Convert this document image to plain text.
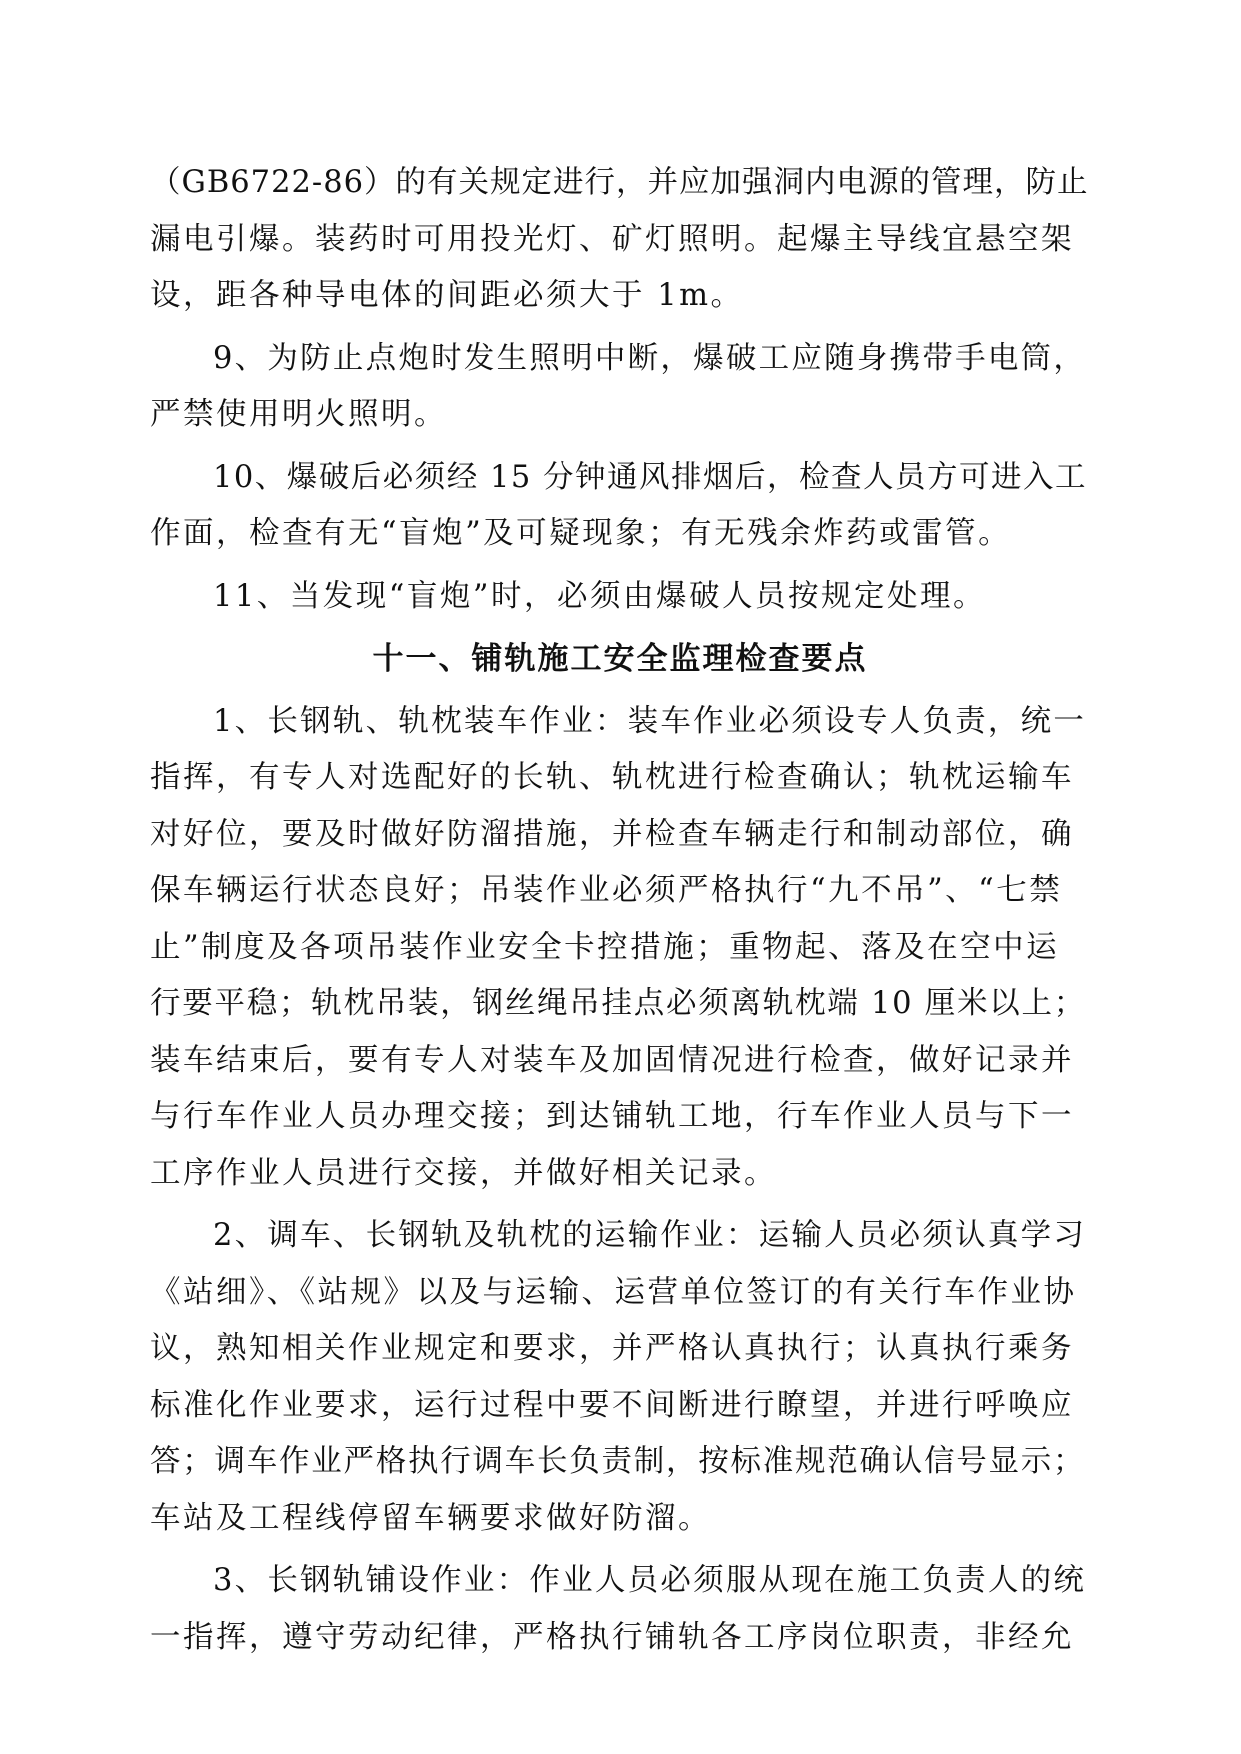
（GB6722-86）的有关规定进行，并应加强洞内电源的管理，防止
漏电引爆。装药时可用投光灯、矿灯照明。起爆主导线宜悬空架
设，距各种导电体的间距必须大于 1m。
9、为防止点炮时发生照明中断，爆破工应随身携带手电筒，
严禁使用明火照明。
10、爆破后必须经 15 分钟通风排烟后，检查人员方可进入工
作面，检查有无“盲炮”及可疑现象；有无残余炸药或雷管。
11、当发现“盲炮”时，必须由爆破人员按规定处理。
十一、铺轨施工安全监理检查要点
1、长钢轨、轨枕装车作业：装车作业必须设专人负责，统一
指挥，有专人对选配好的长轨、轨枕进行检查确认；轨枕运输车
对好位，要及时做好防溜措施，并检查车辆走行和制动部位，确
保车辆运行状态良好；吊装作业必须严格执行“九不吊”、“七禁
止”制度及各项吊装作业安全卡控措施；重物起、落及在空中运
行要平稳；轨枕吊装，钢丝绳吊挂点必须离轨枕端 10 厘米以上；
装车结束后，要有专人对装车及加固情况进行检查，做好记录并
与行车作业人员办理交接；到达铺轨工地，行车作业人员与下一
工序作业人员进行交接，并做好相关记录。
2、调车、长钢轨及轨枕的运输作业：运输人员必须认真学习
《站细》、《站规》以及与运输、运营单位签订的有关行车作业协
议，熟知相关作业规定和要求，并严格认真执行；认真执行乘务
标准化作业要求，运行过程中要不间断进行瞭望，并进行呼唤应
答；调车作业严格执行调车长负责制，按标准规范确认信号显示；
车站及工程线停留车辆要求做好防溜。
3、长钢轨铺设作业：作业人员必须服从现在施工负责人的统
一指挥，遵守劳动纪律，严格执行铺轨各工序岗位职责，非经允
